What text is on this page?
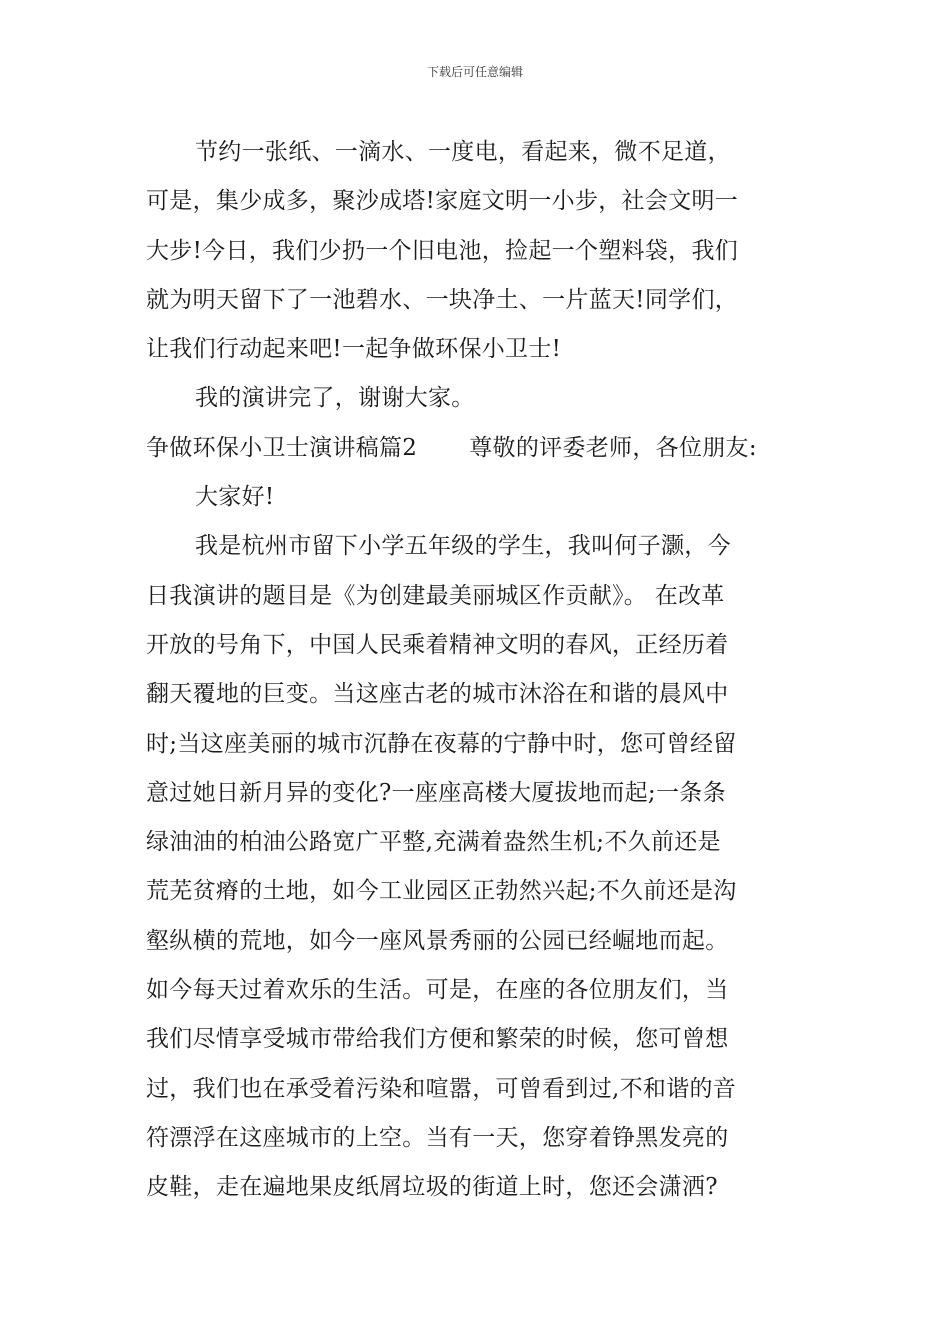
下载后可任意编辑
节约一张纸、一滴水、一度电，看起来，微不足道，
可是，集少成多，聚沙成塔!家庭文明一小步，社会文明一
大步!今日，我们少扔一个旧电池，捡起一个塑料袋，我们
就为明天留下了一池碧水、一块净土、一片蓝天!同学们，
让我们行动起来吧!一起争做环保小卫士!
我的演讲完了，谢谢大家。
争做环保小卫士演讲稿篇2 尊敬的评委老师，各位朋友:
大家好!
我是杭州市留下小学五年级的学生，我叫何子灏，今
日我演讲的题目是《为创建最美丽城区作贡献》。 在改革
开放的号角下，中国人民乘着精神文明的春风，正经历着
翻天覆地的巨变。当这座古老的城市沐浴在和谐的晨风中
时;当这座美丽的城市沉静在夜幕的宁静中时，您可曾经留
意过她日新月异的变化?一座座高楼大厦拔地而起;一条条
绿油油的柏油公路宽广平整,充满着盎然生机;不久前还是
荒芜贫瘠的土地，如今工业园区正勃然兴起;不久前还是沟
壑纵横的荒地，如今一座风景秀丽的公园已经崛地而起。
如今每天过着欢乐的生活。可是，在座的各位朋友们，当
我们尽情享受城市带给我们方便和繁荣的时候，您可曾想
过，我们也在承受着污染和喧嚣，可曾看到过,不和谐的音
符漂浮在这座城市的上空。当有一天，您穿着铮黑发亮的
皮鞋，走在遍地果皮纸屑垃圾的街道上时，您还会潇洒?
